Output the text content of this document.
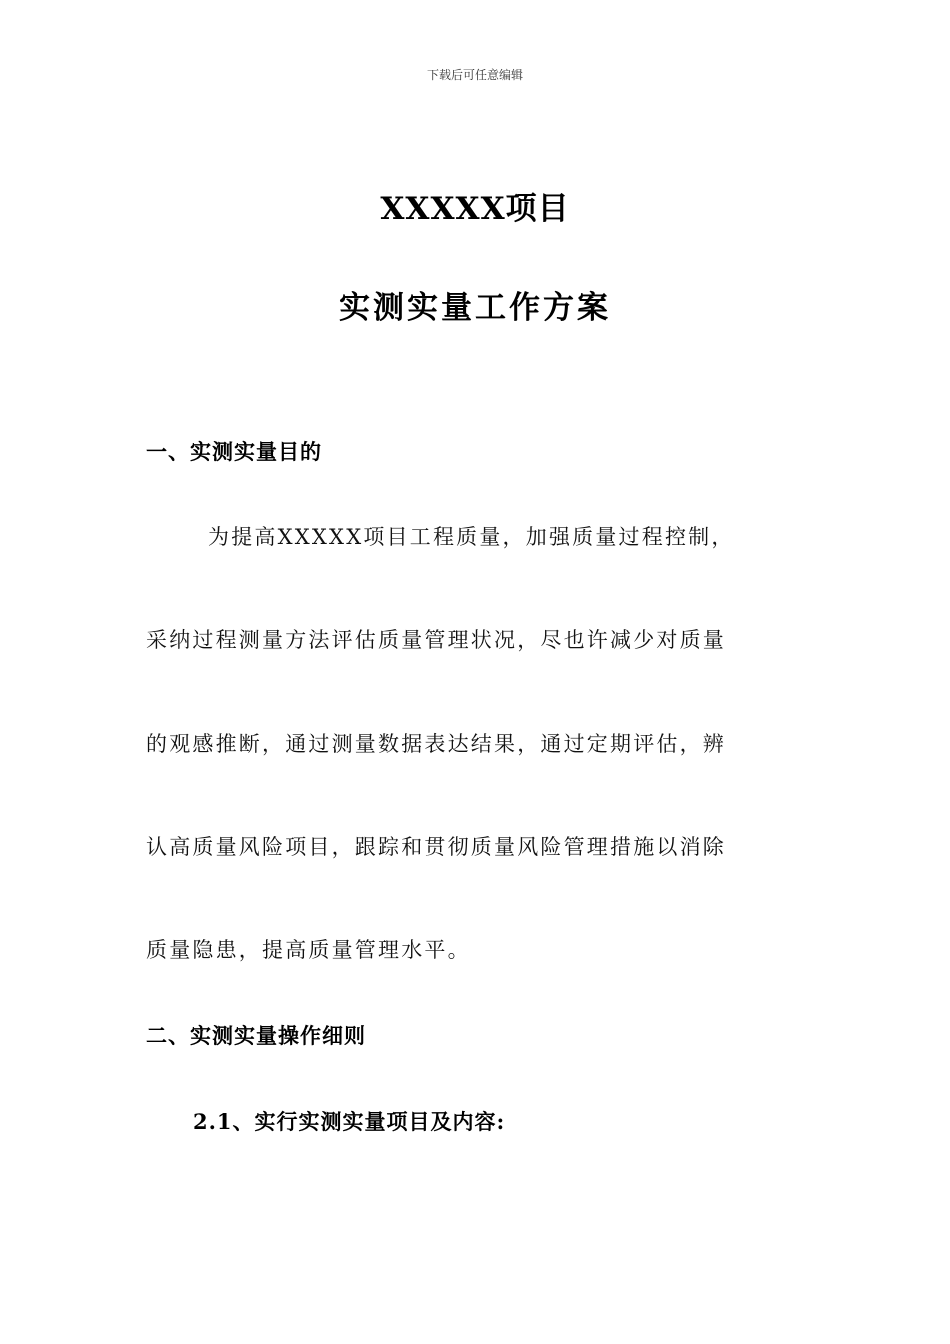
下载后可任意编辑
XXXXX项目
实测实量工作方案
一、实测实量目的
为提高XXXXX项目工程质量，加强质量过程控制，
采纳过程测量方法评估质量管理状况，尽也许减少对质量
的观感推断，通过测量数据表达结果，通过定期评估，辨
认高质量风险项目，跟踪和贯彻质量风险管理措施以消除
质量隐患，提高质量管理水平。
二、实测实量操作细则
2.1、实行实测实量项目及内容:
